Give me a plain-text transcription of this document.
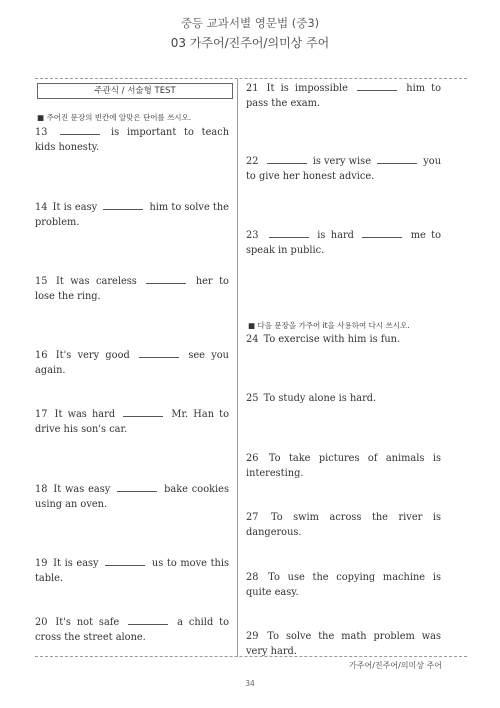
중등 교과서별 영문법 (중3)
03 가주어/진주어/의미상 주어
주관식 / 서술형 TEST
■ 주어진 문장의 빈칸에 알맞은 단어를 쓰시오.
13	is important to teach kids honesty.
14 It is easy	him to solve the problem.
15 It was careless	her to lose the ring.
16 It's very good	see you again.
17 It was hard	Mr. Han to drive his son's car.
18 It was easy	bake cookies using an oven.
19 It is easy	us to move this table.
20 It's not safe	a child to cross the street alone.
21 It is impossible	him to pass the exam.
22	is very wise	you to give her honest advice.
23	is hard	me to speak in public.
■ 다음 문장을 가주어 it을 사용하여 다시 쓰시오.
24 To exercise with him is fun.
25 To study alone is hard.
26 To take pictures of animals is interesting.
27 To swim across the river is dangerous.
28 To use the copying machine is quite easy.
29 To solve the math problem was very hard.
가주어/진주어/의미상 주어
34
